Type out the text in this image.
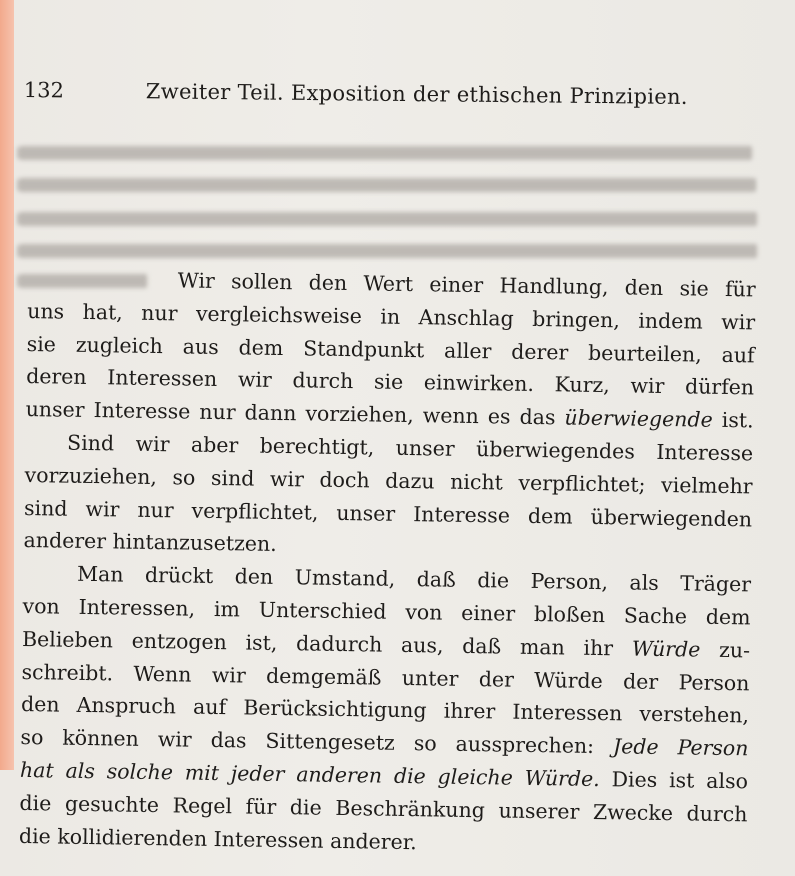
132	Zweiter Teil. Exposition der ethischen Prinzipien.
Wir sollen den Wert einer Handlung, den sie für
uns hat, nur vergleichsweise in Anschlag bringen, indem wir
sie zugleich aus dem Standpunkt aller derer beurteilen, auf
deren Interessen wir durch sie einwirken. Kurz, wir dürfen
unser Interesse nur dann vorziehen, wenn es das überwiegende ist.
Sind wir aber berechtigt, unser überwiegendes Interesse
vorzuziehen, so sind wir doch dazu nicht verpflichtet; vielmehr
sind wir nur verpflichtet, unser Interesse dem überwiegenden
anderer hintanzusetzen.
Man drückt den Umstand, daß die Person, als Träger
von Interessen, im Unterschied von einer bloßen Sache dem
Belieben entzogen ist, dadurch aus, daß man ihr Würde zu-
schreibt. Wenn wir demgemäß unter der Würde der Person
den Anspruch auf Berücksichtigung ihrer Interessen verstehen,
so können wir das Sittengesetz so aussprechen: Jede Person
hat als solche mit jeder anderen die gleiche Würde. Dies ist also
die gesuchte Regel für die Beschränkung unserer Zwecke durch
die kollidierenden Interessen anderer.
